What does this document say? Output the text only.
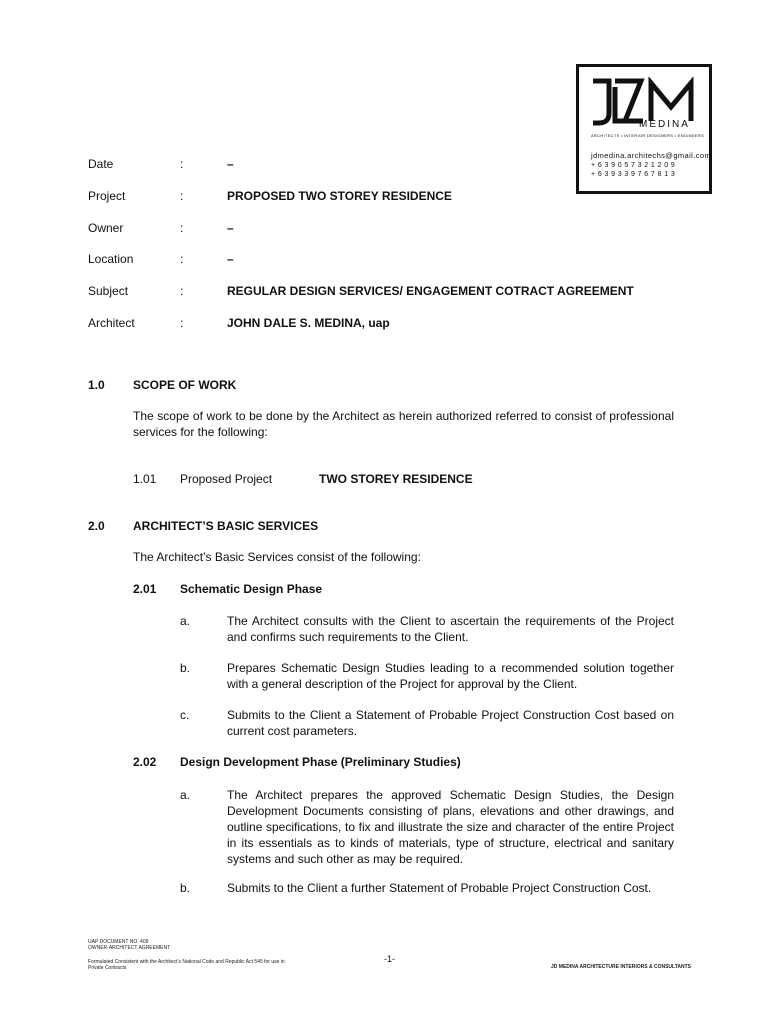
MEDINA
ARCHITECTS • INTERIOR DESIGNERS • ENGINEERS
jdmedina.architechs@gmail.com
+ 6 3 9 0 5 7 3 2 1 2 0 9
+ 6 3 9 3 3 9 7 6 7 8 1 3
Date	:	–
Project	:	PROPOSED TWO STOREY RESIDENCE
Owner	:	–
Location	:	–
Subject	:	REGULAR DESIGN SERVICES/ ENGAGEMENT COTRACT AGREEMENT
Architect	:	JOHN DALE S. MEDINA, uap
1.0 SCOPE OF WORK
The scope of work to be done by the Architect as herein authorized referred to consist of professional services for the following:
1.01 Proposed Project	TWO STOREY RESIDENCE
2.0 ARCHITECT’S BASIC SERVICES
The Architect’s Basic Services consist of the following:
2.01 Schematic Design Phase
a.	The Architect consults with the Client to ascertain the requirements of the Project and confirms such requirements to the Client.
b.	Prepares Schematic Design Studies leading to a recommended solution together with a general description of the Project for approval by the Client.
c.	Submits to the Client a Statement of Probable Project Construction Cost based on current cost parameters.
2.02 Design Development Phase (Preliminary Studies)
a.	The Architect prepares the approved Schematic Design Studies, the Design Development Documents consisting of plans, elevations and other drawings, and outline specifications, to fix and illustrate the size and character of the entire Project in its essentials as to kinds of materials, type of structure, electrical and sanitary systems and such other as may be required.
b.	Submits to the Client a further Statement of Probable Project Construction Cost.
UAP DOCUMENT NO. 409
OWNER-ARCHITECT AGREEMENT
Formulated Consistent with the Architect’s National Code and Republic Act 545 for use in
Private Contracts
-1-
JD MEDINA ARCHITECTURE INTERIORS & CONSULTANTS
